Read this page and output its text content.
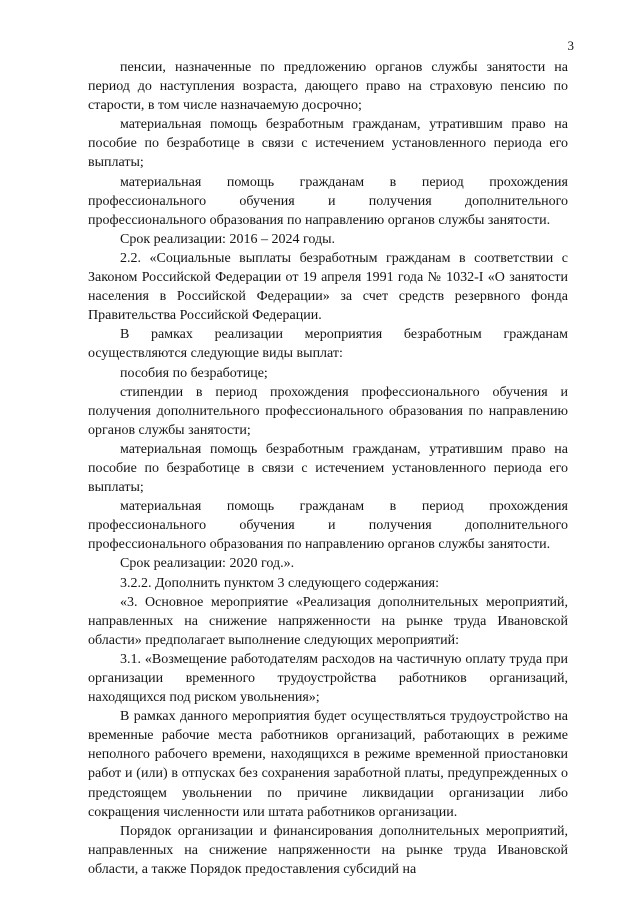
3

пенсии, назначенные по предложению органов службы занятости на период до наступления возраста, дающего право на страховую пенсию по старости, в том числе назначаемую досрочно;

материальная помощь безработным гражданам, утратившим право на пособие по безработице в связи с истечением установленного периода его выплаты;

материальная помощь гражданам в период прохождения профессионального обучения и получения дополнительного профессионального образования по направлению органов службы занятости.

Срок реализации: 2016 – 2024 годы.

2.2. «Социальные выплаты безработным гражданам в соответствии с Законом Российской Федерации от 19 апреля 1991 года № 1032-I «О занятости населения в Российской Федерации» за счет средств резервного фонда Правительства Российской Федерации.

В рамках реализации мероприятия безработным гражданам осуществляются следующие виды выплат:

пособия по безработице;

стипендии в период прохождения профессионального обучения и получения дополнительного профессионального образования по направлению органов службы занятости;

материальная помощь безработным гражданам, утратившим право на пособие по безработице в связи с истечением установленного периода его выплаты;

материальная помощь гражданам в период прохождения профессионального обучения и получения дополнительного профессионального образования по направлению органов службы занятости.

Срок реализации: 2020 год.».

3.2.2. Дополнить пунктом 3 следующего содержания:

«3. Основное мероприятие «Реализация дополнительных мероприятий, направленных на снижение напряженности на рынке труда Ивановской области» предполагает выполнение следующих мероприятий:

3.1. «Возмещение работодателям расходов на частичную оплату труда при организации временного трудоустройства работников организаций, находящихся под риском увольнения»;

В рамках данного мероприятия будет осуществляться трудоустройство на временные рабочие места работников организаций, работающих в режиме неполного рабочего времени, находящихся в режиме временной приостановки работ и (или) в отпусках без сохранения заработной платы, предупрежденных о предстоящем увольнении по причине ликвидации организации либо сокращения численности или штата работников организации.

Порядок организации и финансирования дополнительных мероприятий, направленных на снижение напряженности на рынке труда Ивановской области, а также Порядок предоставления субсидий на
